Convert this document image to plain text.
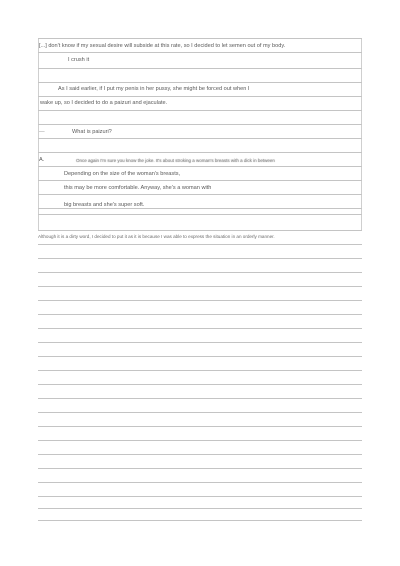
[...] don't know if my sexual desire will subside at this rate, so I decided to let semen out of my body.
I crush it
As I said earlier, if I put my penis in her pussy, she might be forced out when I
wake up, so I decided to do a paizuri and ejaculate.
—	What is paizuri?
A.	Once again I'm sure you know the joke. It's about stroking a woman's breasts with a dick in between
Depending on the size of the woman's breasts,
this may be more comfortable. Anyway, she's a woman with
big breasts and she's super soft.
Although it is a dirty word, I decided to put it as it is because I was able to express the situation in an orderly manner.
